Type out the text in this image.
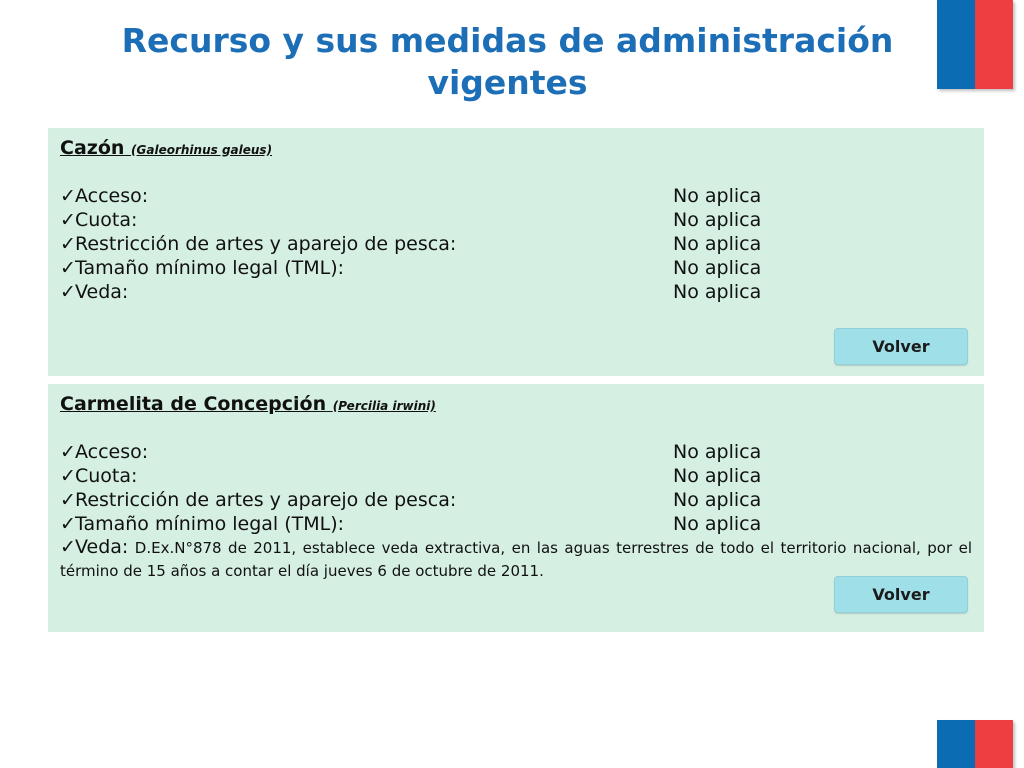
Recurso y sus medidas de administración vigentes

Cazón (Galeorhinus galeus)

✓Acceso:	No aplica
✓Cuota:	No aplica
✓Restricción de artes y aparejo de pesca:	No aplica
✓Tamaño mínimo legal (TML):	No aplica
✓Veda:	No aplica
Volver

Carmelita de Concepción (Percilia irwini)

✓Acceso:	No aplica
✓Cuota:	No aplica
✓Restricción de artes y aparejo de pesca:	No aplica
✓Tamaño mínimo legal (TML):	No aplica
✓Veda: D.Ex.N°878 de 2011, establece veda extractiva, en las aguas terrestres de todo el territorio nacional, por el término de 15 años a contar el día jueves 6 de octubre de 2011.
Volver
